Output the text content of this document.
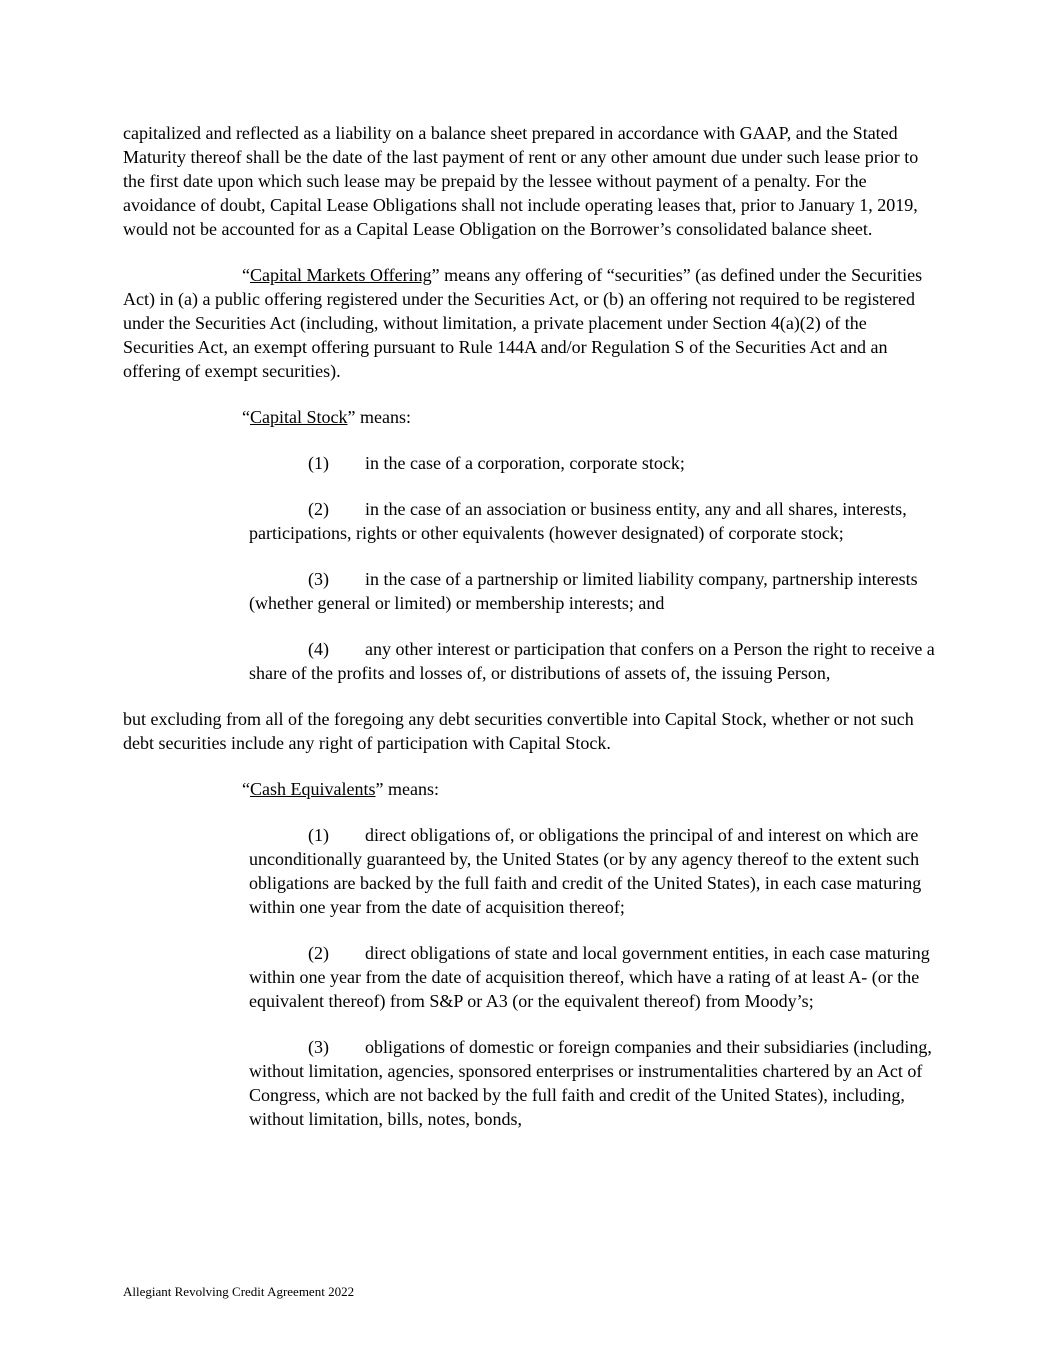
capitalized and reflected as a liability on a balance sheet prepared in accordance with GAAP, and the Stated Maturity thereof shall be the date of the last payment of rent or any other amount due under such lease prior to the first date upon which such lease may be prepaid by the lessee without payment of a penalty. For the avoidance of doubt, Capital Lease Obligations shall not include operating leases that, prior to January 1, 2019, would not be accounted for as a Capital Lease Obligation on the Borrower’s consolidated balance sheet.

“Capital Markets Offering” means any offering of “securities” (as defined under the Securities Act) in (a) a public offering registered under the Securities Act, or (b) an offering not required to be registered under the Securities Act (including, without limitation, a private placement under Section 4(a)(2) of the Securities Act, an exempt offering pursuant to Rule 144A and/or Regulation S of the Securities Act and an offering of exempt securities).

“Capital Stock” means:

(1) in the case of a corporation, corporate stock;

(2) in the case of an association or business entity, any and all shares, interests, participations, rights or other equivalents (however designated) of corporate stock;

(3) in the case of a partnership or limited liability company, partnership interests (whether general or limited) or membership interests; and

(4) any other interest or participation that confers on a Person the right to receive a share of the profits and losses of, or distributions of assets of, the issuing Person,

but excluding from all of the foregoing any debt securities convertible into Capital Stock, whether or not such debt securities include any right of participation with Capital Stock.

“Cash Equivalents” means:

(1) direct obligations of, or obligations the principal of and interest on which are unconditionally guaranteed by, the United States (or by any agency thereof to the extent such obligations are backed by the full faith and credit of the United States), in each case maturing within one year from the date of acquisition thereof;

(2) direct obligations of state and local government entities, in each case maturing within one year from the date of acquisition thereof, which have a rating of at least A- (or the equivalent thereof) from S&P or A3 (or the equivalent thereof) from Moody’s;

(3) obligations of domestic or foreign companies and their subsidiaries (including, without limitation, agencies, sponsored enterprises or instrumentalities chartered by an Act of Congress, which are not backed by the full faith and credit of the United States), including, without limitation, bills, notes, bonds,

Allegiant Revolving Credit Agreement 2022
